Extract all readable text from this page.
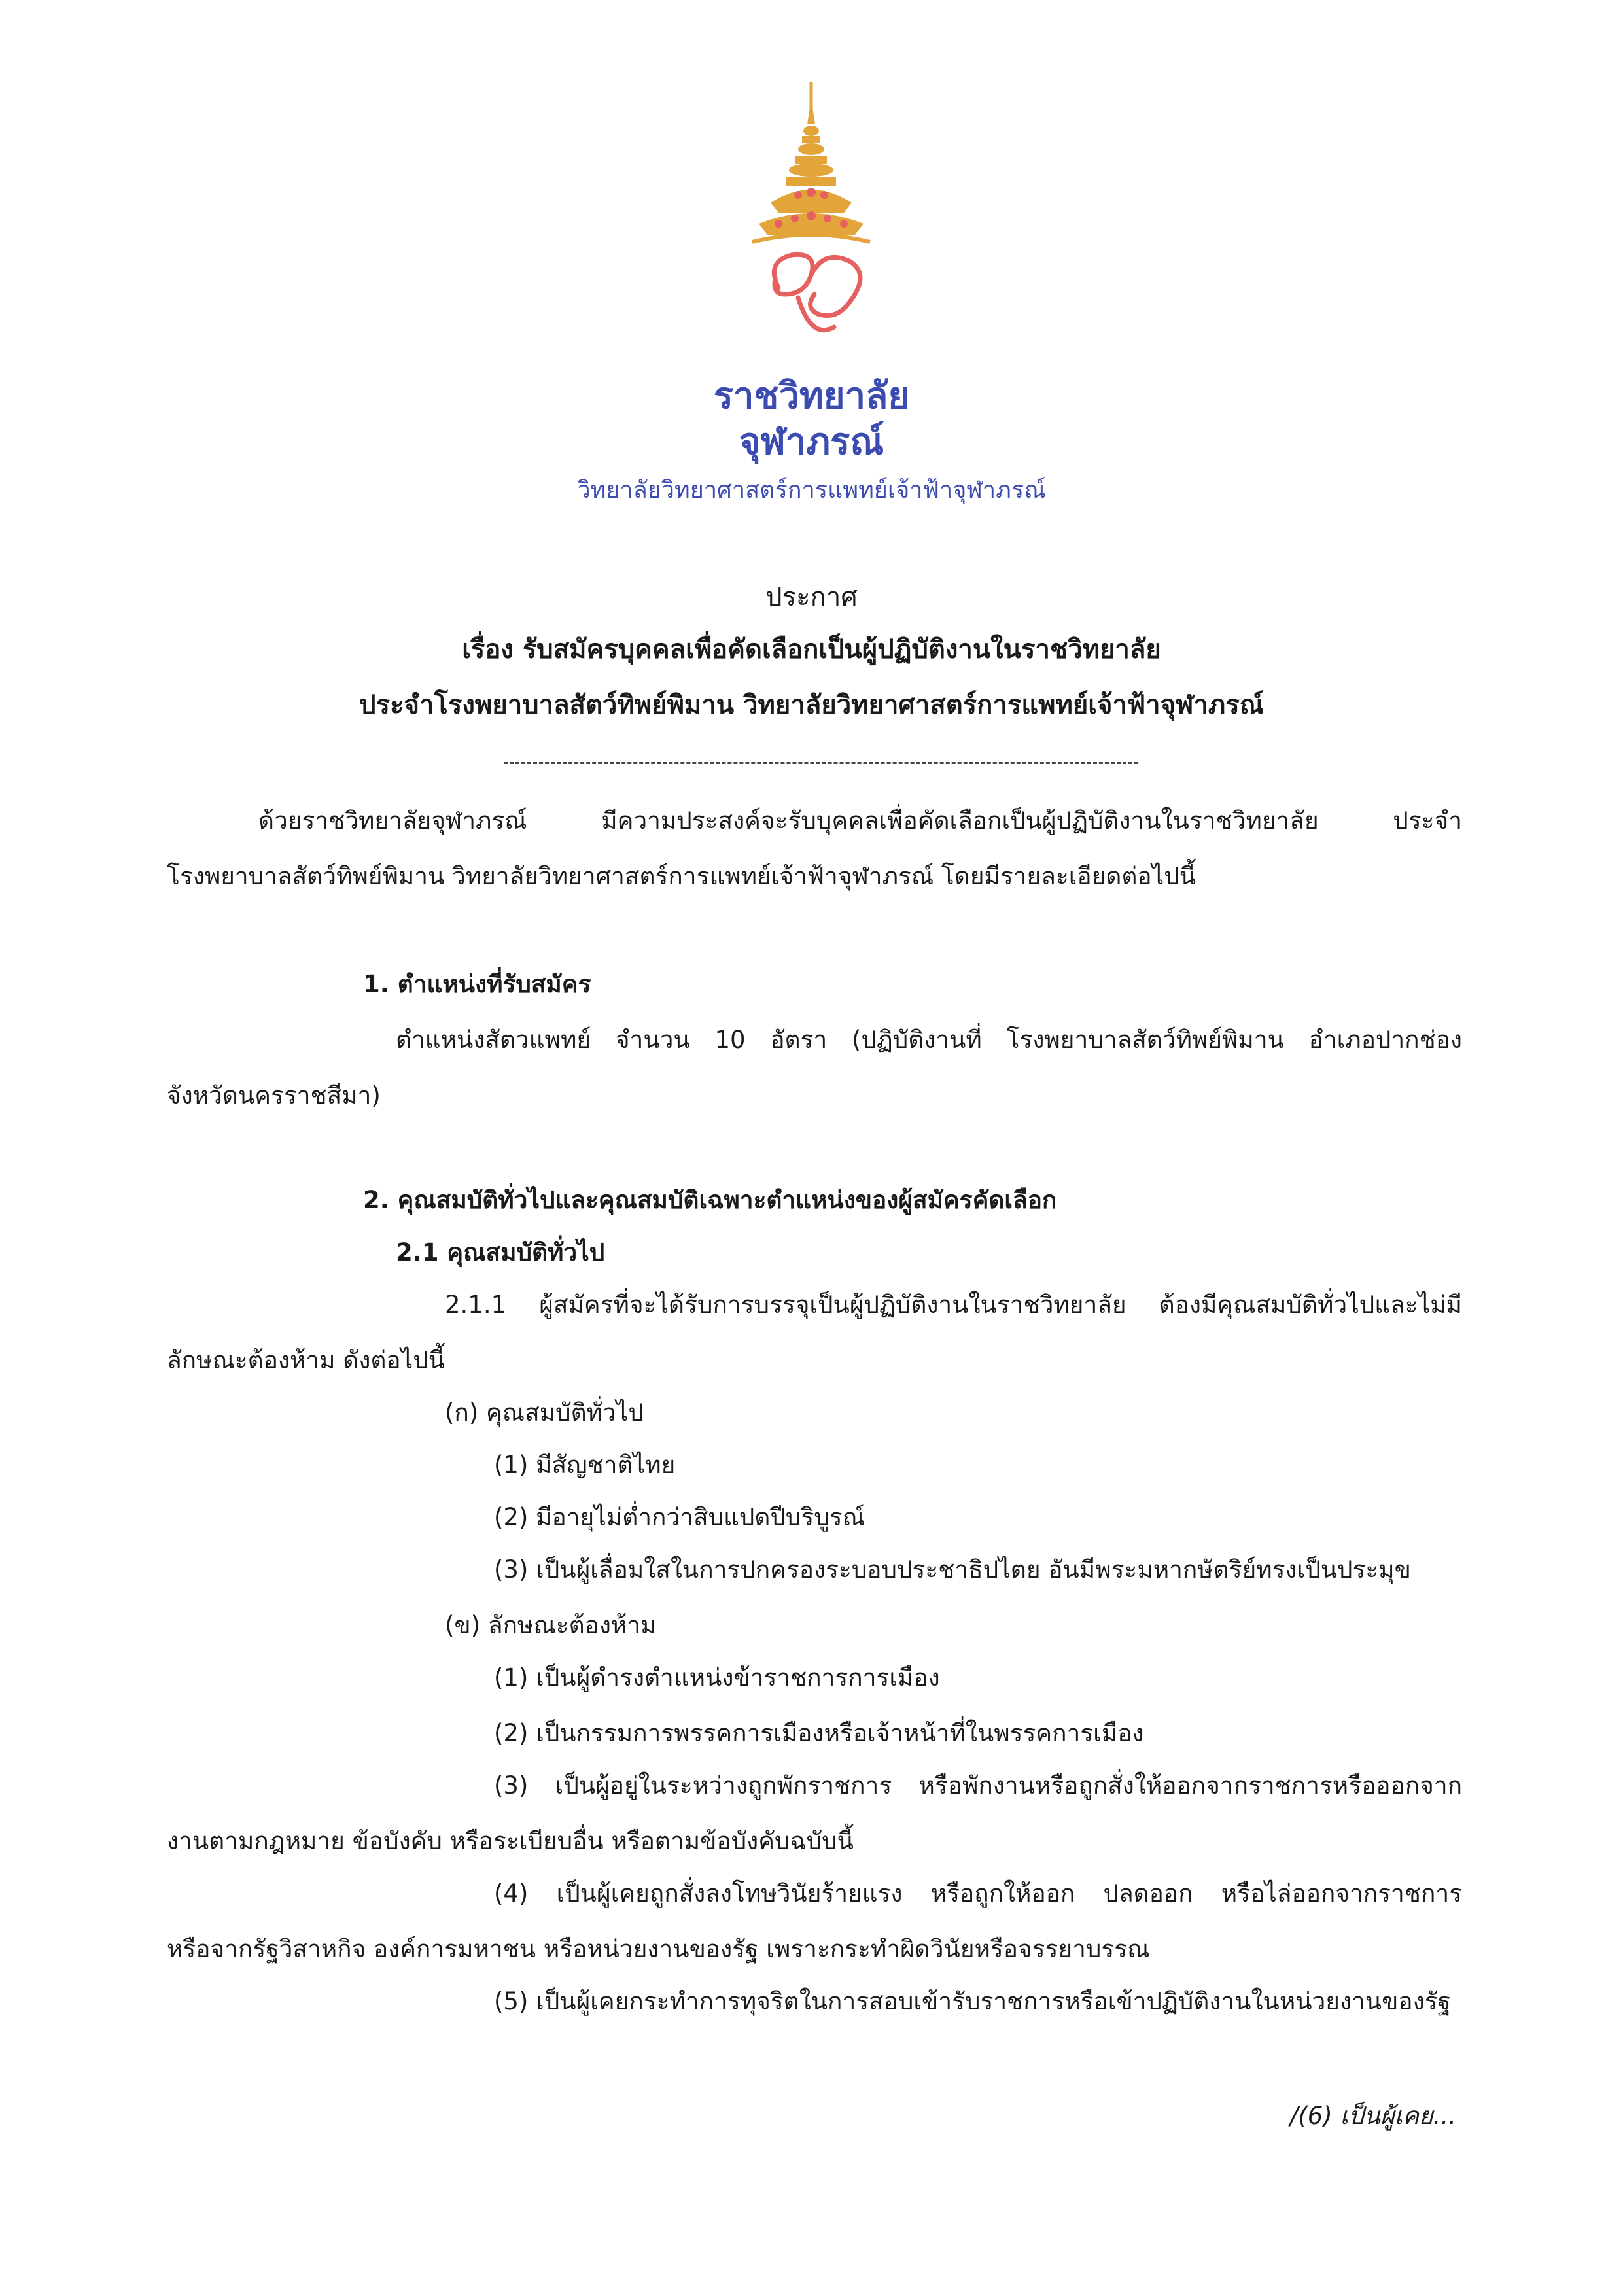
ราชวิทยาลัย
จุฬาภรณ์
วิทยาลัยวิทยาศาสตร์การแพทย์เจ้าฟ้าจุฬาภรณ์
ประกาศ
เรื่อง รับสมัครบุคคลเพื่อคัดเลือกเป็นผู้ปฏิบัติงานในราชวิทยาลัย
ประจำโรงพยาบาลสัตว์ทิพย์พิมาน วิทยาลัยวิทยาศาสตร์การแพทย์เจ้าฟ้าจุฬาภรณ์
ด้วยราชวิทยาลัยจุฬาภรณ์ มีความประสงค์จะรับบุคคลเพื่อคัดเลือกเป็นผู้ปฏิบัติงานในราชวิทยาลัย ประจำ
โรงพยาบาลสัตว์ทิพย์พิมาน วิทยาลัยวิทยาศาสตร์การแพทย์เจ้าฟ้าจุฬาภรณ์ โดยมีรายละเอียดต่อไปนี้
1. ตำแหน่งที่รับสมัคร
ตำแหน่งสัตวแพทย์ จำนวน 10 อัตรา (ปฏิบัติงานที่ โรงพยาบาลสัตว์ทิพย์พิมาน อำเภอปากช่อง
จังหวัดนครราชสีมา)
2. คุณสมบัติทั่วไปและคุณสมบัติเฉพาะตำแหน่งของผู้สมัครคัดเลือก
2.1 คุณสมบัติทั่วไป
2.1.1 ผู้สมัครที่จะได้รับการบรรจุเป็นผู้ปฏิบัติงานในราชวิทยาลัย ต้องมีคุณสมบัติทั่วไปและไม่มี
ลักษณะต้องห้าม ดังต่อไปนี้
(ก) คุณสมบัติทั่วไป
(1) มีสัญชาติไทย
(2) มีอายุไม่ต่ำกว่าสิบแปดปีบริบูรณ์
(3) เป็นผู้เลื่อมใสในการปกครองระบอบประชาธิปไตย อันมีพระมหากษัตริย์ทรงเป็นประมุข
(ข) ลักษณะต้องห้าม
(1) เป็นผู้ดำรงตำแหน่งข้าราชการการเมือง
(2) เป็นกรรมการพรรคการเมืองหรือเจ้าหน้าที่ในพรรคการเมือง
(3) เป็นผู้อยู่ในระหว่างถูกพักราชการ หรือพักงานหรือถูกสั่งให้ออกจากราชการหรือออกจาก
งานตามกฎหมาย ข้อบังคับ หรือระเบียบอื่น หรือตามข้อบังคับฉบับนี้
(4) เป็นผู้เคยถูกสั่งลงโทษวินัยร้ายแรง หรือถูกให้ออก ปลดออก หรือไล่ออกจากราชการ
หรือจากรัฐวิสาหกิจ องค์การมหาชน หรือหน่วยงานของรัฐ เพราะกระทำผิดวินัยหรือจรรยาบรรณ
(5) เป็นผู้เคยกระทำการทุจริตในการสอบเข้ารับราชการหรือเข้าปฏิบัติงานในหน่วยงานของรัฐ
/(6) เป็นผู้เคย...
